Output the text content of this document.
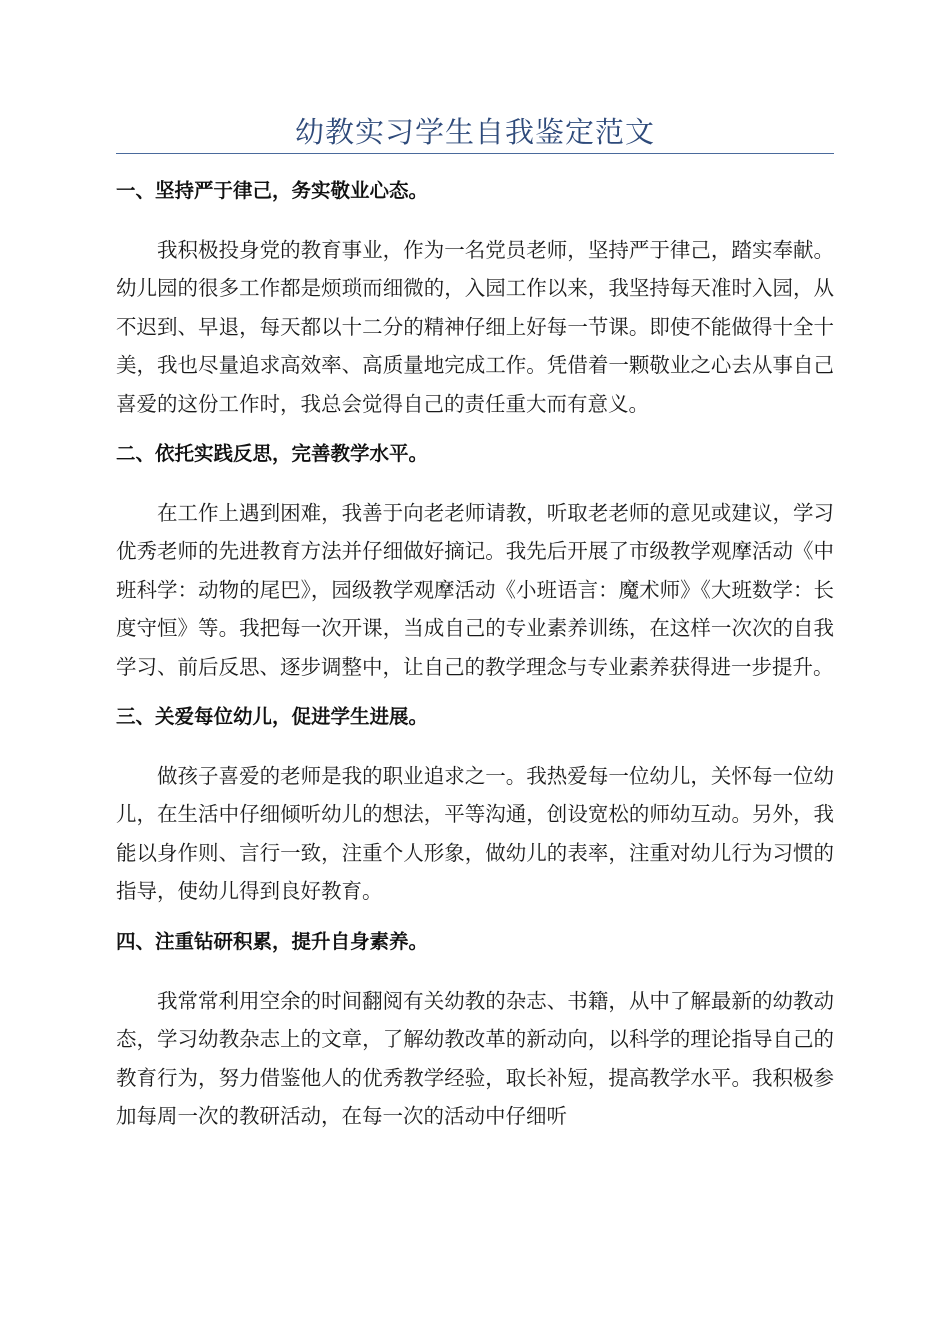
幼教实习学生自我鉴定范文

一、坚持严于律己，务实敬业心态。

我积极投身党的教育事业，作为一名党员老师，坚持严于律己，踏实奉献。幼儿园的很多工作都是烦琐而细微的，入园工作以来，我坚持每天准时入园，从不迟到、早退，每天都以十二分的精神仔细上好每一节课。即使不能做得十全十美，我也尽量追求高效率、高质量地完成工作。凭借着一颗敬业之心去从事自己喜爱的这份工作时，我总会觉得自己的责任重大而有意义。

二、依托实践反思，完善教学水平。

在工作上遇到困难，我善于向老老师请教，听取老老师的意见或建议，学习优秀老师的先进教育方法并仔细做好摘记。我先后开展了市级教学观摩活动《中班科学：动物的尾巴》，园级教学观摩活动《小班语言：魔术师》《大班数学：长度守恒》等。我把每一次开课，当成自己的专业素养训练，在这样一次次的自我学习、前后反思、逐步调整中，让自己的教学理念与专业素养获得进一步提升。

三、关爱每位幼儿，促进学生进展。

做孩子喜爱的老师是我的职业追求之一。我热爱每一位幼儿，关怀每一位幼儿，在生活中仔细倾听幼儿的想法，平等沟通，创设宽松的师幼互动。另外，我能以身作则、言行一致，注重个人形象，做幼儿的表率，注重对幼儿行为习惯的指导，使幼儿得到良好教育。

四、注重钻研积累，提升自身素养。

我常常利用空余的时间翻阅有关幼教的杂志、书籍，从中了解最新的幼教动态，学习幼教杂志上的文章，了解幼教改革的新动向，以科学的理论指导自己的教育行为，努力借鉴他人的优秀教学经验，取长补短，提高教学水平。我积极参加每周一次的教研活动，在每一次的活动中仔细听
